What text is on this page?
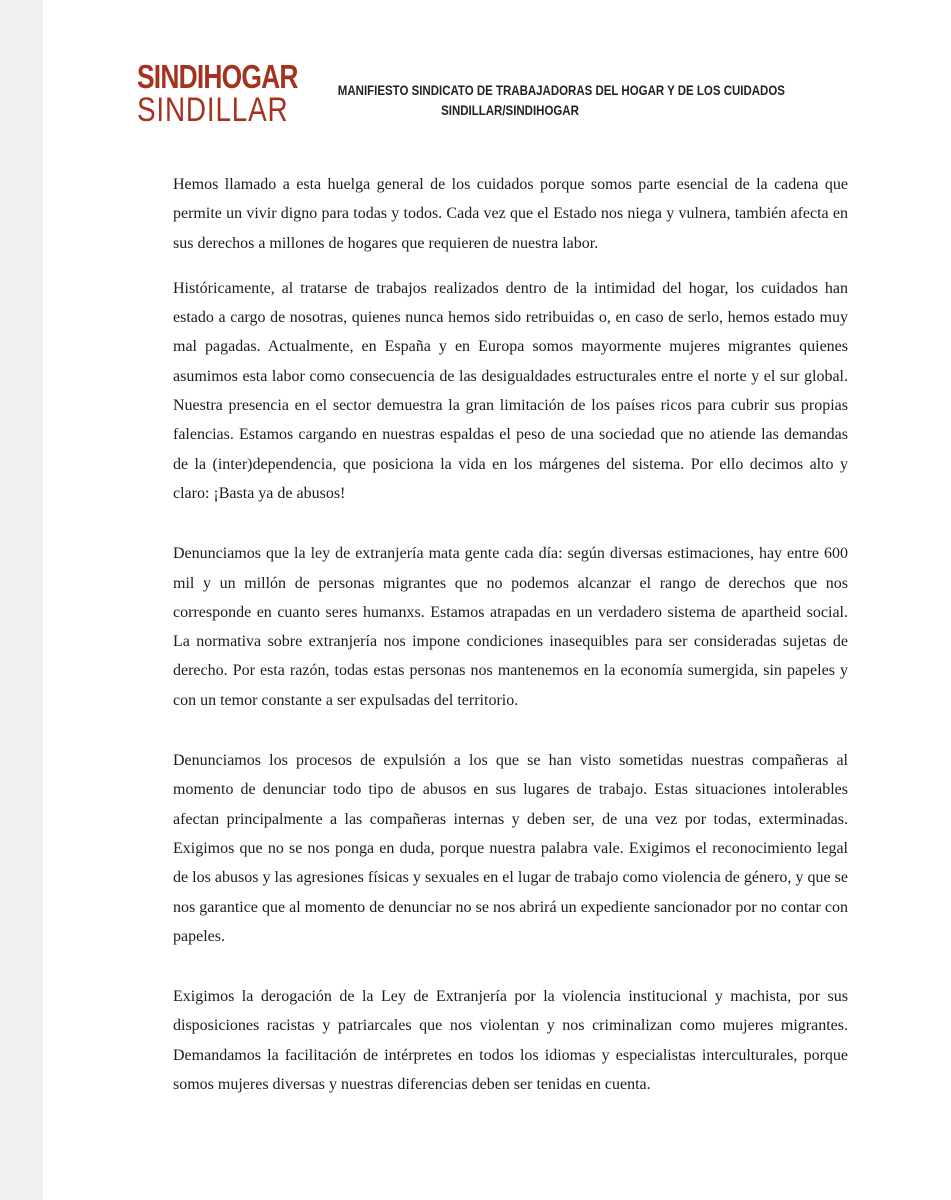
SINDIHOGAR
SINDILLAR
MANIFIESTO SINDICATO DE TRABAJADORAS DEL HOGAR Y DE LOS CUIDADOS
SINDILLAR/SINDIHOGAR

Hemos llamado a esta huelga general de los cuidados porque somos parte esencial de la cadena que permite un vivir digno para todas y todos. Cada vez que el Estado nos niega y vulnera, también afecta en sus derechos a millones de hogares que requieren de nuestra labor.

Históricamente, al tratarse de trabajos realizados dentro de la intimidad del hogar, los cuidados han estado a cargo de nosotras, quienes nunca hemos sido retribuidas o, en caso de serlo, hemos estado muy mal pagadas. Actualmente, en España y en Europa somos mayormente mujeres migrantes quienes asumimos esta labor como consecuencia de las desigualdades estructurales entre el norte y el sur global. Nuestra presencia en el sector demuestra la gran limitación de los países ricos para cubrir sus propias falencias. Estamos cargando en nuestras espaldas el peso de una sociedad que no atiende las demandas de la (inter)dependencia, que posiciona la vida en los márgenes del sistema. Por ello decimos alto y claro: ¡Basta ya de abusos!

Denunciamos que la ley de extranjería mata gente cada día: según diversas estimaciones, hay entre 600 mil y un millón de personas migrantes que no podemos alcanzar el rango de derechos que nos corresponde en cuanto seres humanxs. Estamos atrapadas en un verdadero sistema de apartheid social. La normativa sobre extranjería nos impone condiciones inasequibles para ser consideradas sujetas de derecho. Por esta razón, todas estas personas nos mantenemos en la economía sumergida, sin papeles y con un temor constante a ser expulsadas del territorio.

Denunciamos los procesos de expulsión a los que se han visto sometidas nuestras compañeras al momento de denunciar todo tipo de abusos en sus lugares de trabajo. Estas situaciones intolerables afectan principalmente a las compañeras internas y deben ser, de una vez por todas, exterminadas. Exigimos que no se nos ponga en duda, porque nuestra palabra vale. Exigimos el reconocimiento legal de los abusos y las agresiones físicas y sexuales en el lugar de trabajo como violencia de género, y que se nos garantice que al momento de denunciar no se nos abrirá un expediente sancionador por no contar con papeles.

Exigimos la derogación de la Ley de Extranjería por la violencia institucional y machista, por sus disposiciones racistas y patriarcales que nos violentan y nos criminalizan como mujeres migrantes. Demandamos la facilitación de intérpretes en todos los idiomas y especialistas interculturales, porque somos mujeres diversas y nuestras diferencias deben ser tenidas en cuenta.
